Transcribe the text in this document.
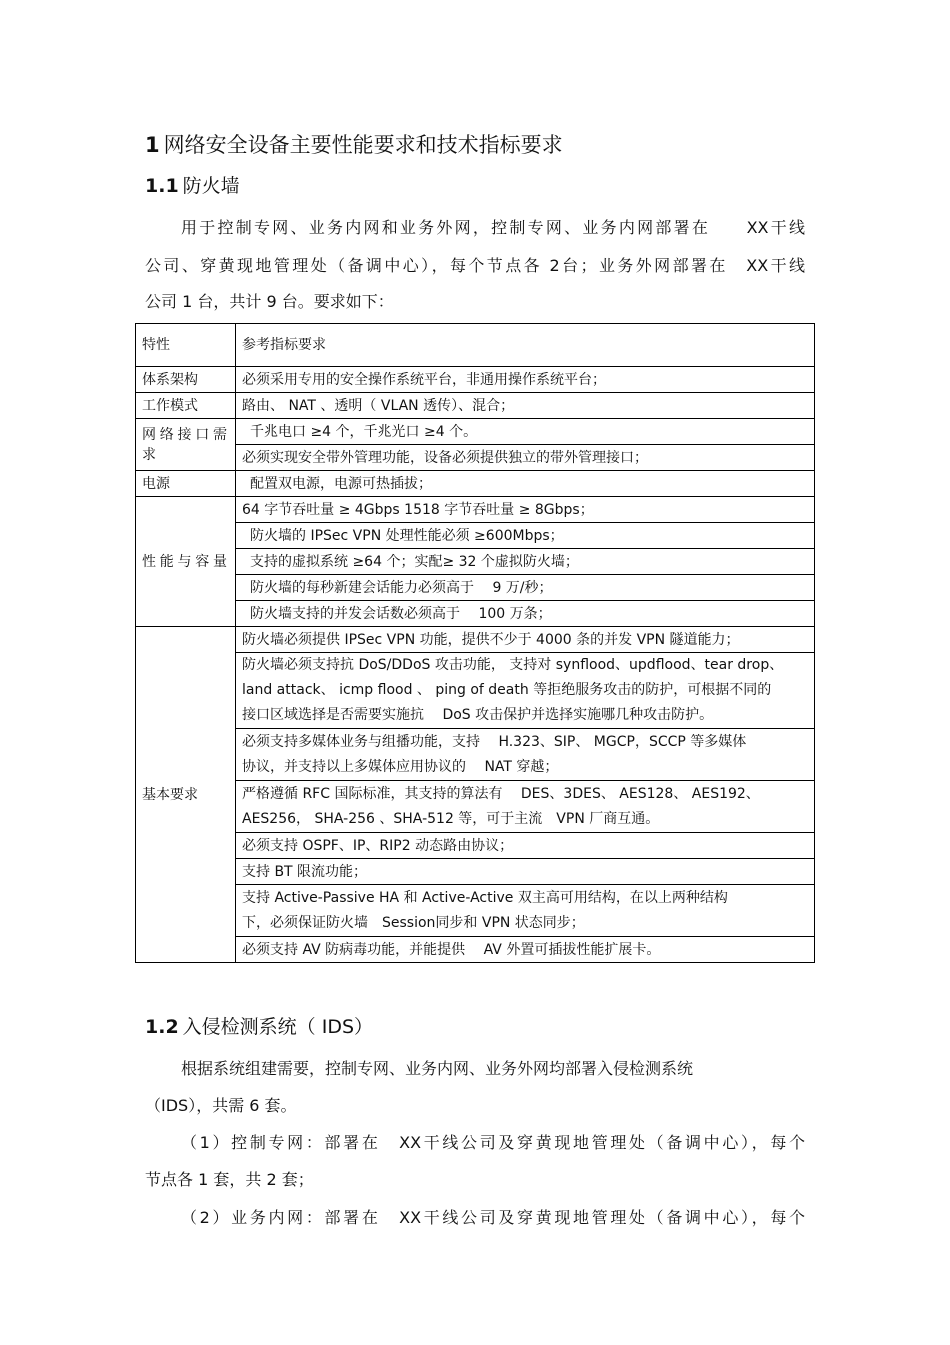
1 网络安全设备主要性能要求和技术指标要求
1.1 防火墙
用于控制专网、业务内网和业务外网，控制专网、业务内网部署在　　XX干线
公司、穿黄现地管理处（备调中心），每个节点各 2台；业务外网部署在　XX干线
公司 1 台，共计 9 台。要求如下：
特性	参考指标要求
体系架构	必须采用专用的安全操作系统平台，非通用操作系统平台；
工作模式	路由、 NAT 、透明（ VLAN 透传）、混合；
网络接口需求	千兆电口 ≥4 个，千兆光口 ≥4 个。
	必须实现安全带外管理功能，设备必须提供独立的带外管理接口；
电源	配置双电源，电源可热插拔；
性能与容量	64 字节吞吐量 ≥ 4Gbps 1518 字节吞吐量 ≥ 8Gbps；
	防火墙的 IPSec VPN 处理性能必须 ≥600Mbps；
	支持的虚拟系统 ≥64 个；实配≥ 32 个虚拟防火墙；
	防火墙的每秒新建会话能力必须高于　 9 万/秒；
	防火墙支持的并发会话数必须高于　 100 万条；
基本要求	防火墙必须提供 IPSec VPN 功能，提供不少于 4000 条的并发 VPN 隧道能力；

	防火墙必须支持抗 DoS/DDoS 攻击功能， 支持对 synflood、updflood、tear drop、
land attack、 icmp flood 、 ping of death 等拒绝服务攻击的防护，可根据不同的
接口区域选择是否需要实施抗　 DoS 攻击保护并选择实施哪几种攻击防护。

	必须支持多媒体业务与组播功能，支持　 H.323、SIP、 MGCP，SCCP 等多媒体
协议，并支持以上多媒体应用协议的　 NAT 穿越；

	严格遵循 RFC 国际标准，其支持的算法有　 DES、3DES、 AES128、 AES192、
AES256， SHA-256 、SHA-512 等，可于主流　VPN 厂商互通。

	必须支持 OSPF、IP、RIP2 动态路由协议；
	支持 BT 限流功能；

	支持 Active-Passive HA 和 Active-Active 双主高可用结构，在以上两种结构
下，必须保证防火墙　Session同步和 VPN 状态同步；

	必须支持 AV 防病毒功能，并能提供　 AV 外置可插拔性能扩展卡。
1.2 入侵检测系统（ IDS）
根据系统组建需要，控制专网、业务内网、业务外网均部署入侵检测系统
（IDS），共需 6 套。
（1）控制专网：部署在　XX干线公司及穿黄现地管理处（备调中心），每个
节点各 1 套，共 2 套；
（2）业务内网：部署在　XX干线公司及穿黄现地管理处（备调中心），每个
